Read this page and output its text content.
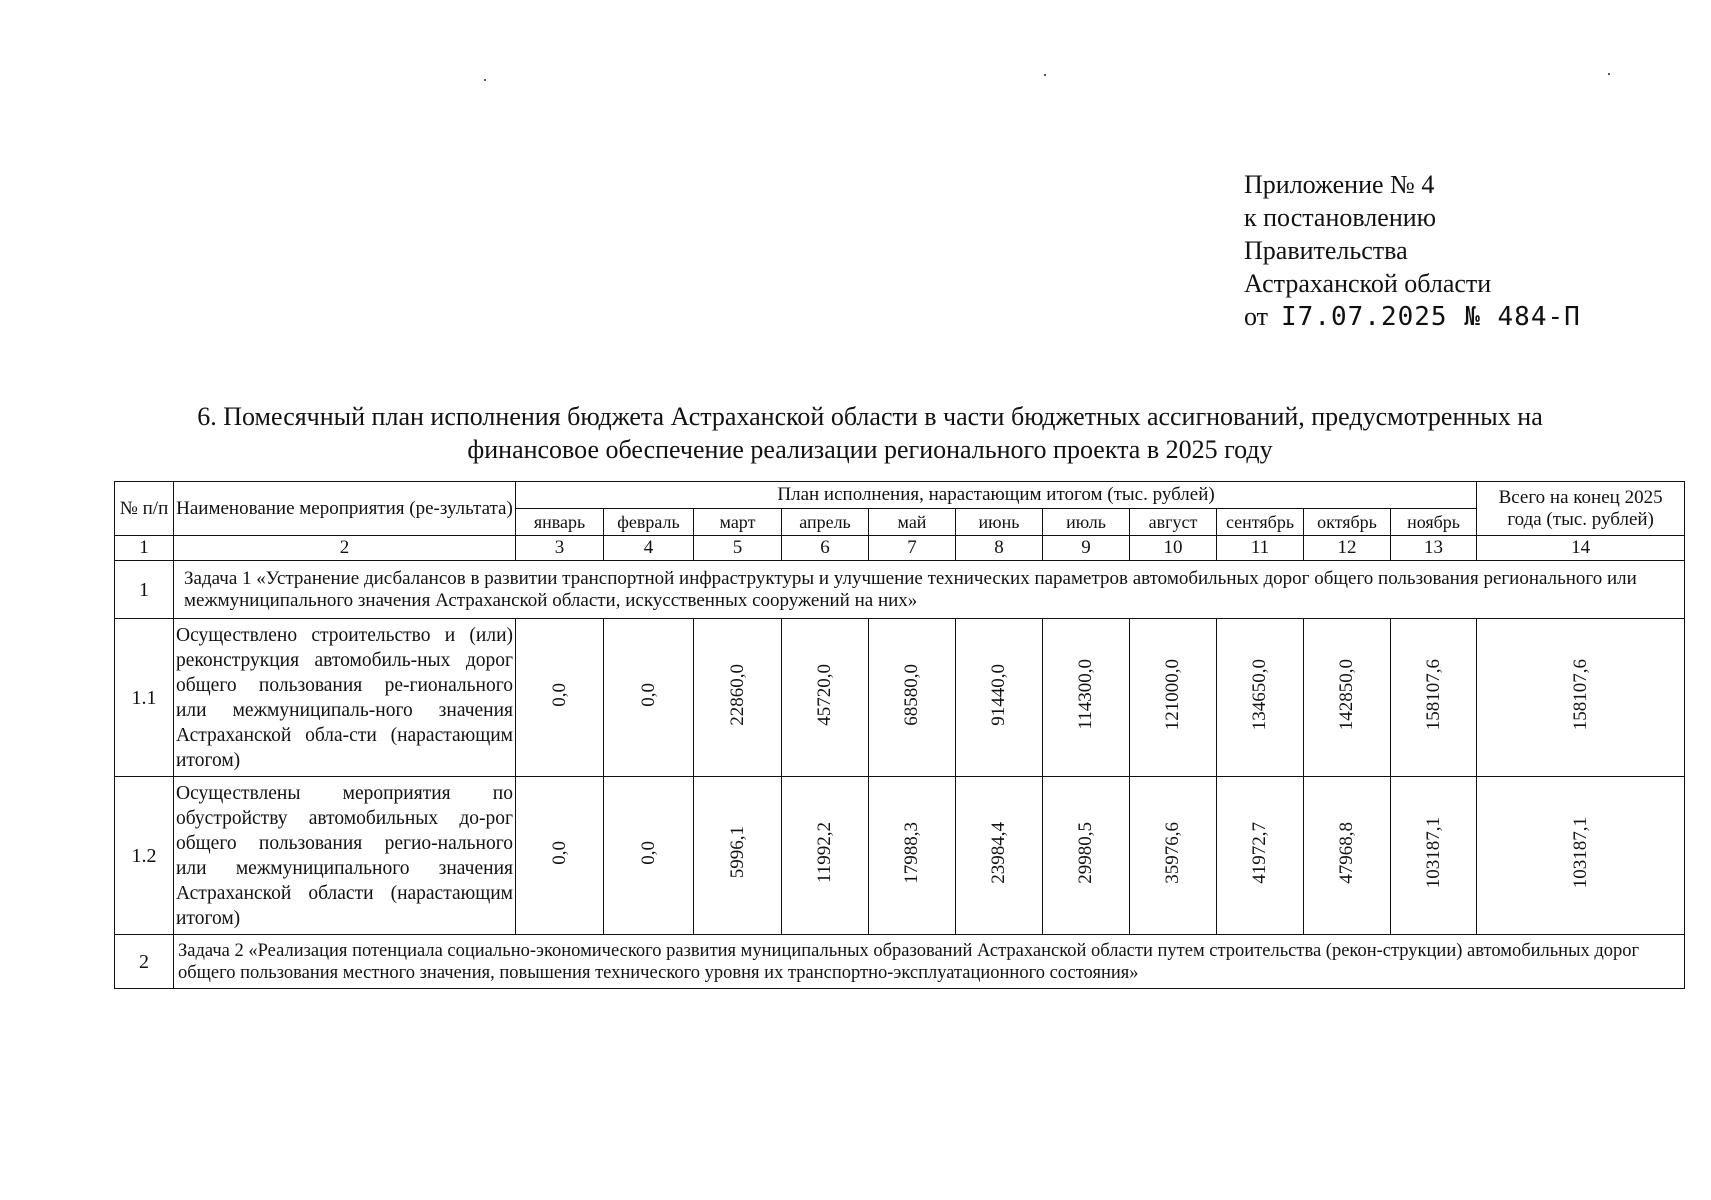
Приложение № 4
к постановлению
Правительства
Астраханской области
от I7.07.2025 № 484-П
6. Помесячный план исполнения бюджета Астраханской области в части бюджетных ассигнований, предусмотренных на
финансовое обеспечение реализации регионального проекта в 2025 году
№ п/п	Наименование мероприятия (ре-зультата)	План исполнения, нарастающим итогом (тыс. рублей)											Всего на конец 2025 года (тыс. рублей)
		январь	февраль	март	апрель	май	июнь	июль	август	сентябрь	октябрь	ноябрь	
1	2	3	4	5	6	7	8	9	10	11	12	13	14
1	Задача 1 «Устранение дисбалансов в развитии транспортной инфраструктуры и улучшение технических параметров автомобильных дорог общего пользования регионального или межмуниципального значения Астраханской области, искусственных сооружений на них»												
1.1	Осуществлено строительство и (или) реконструкция автомобиль-ных дорог общего пользования ре-гионального или межмуниципаль-ного значения Астраханской обла-сти (нарастающим итогом)	0,0	0,0	22860,0	45720,0	68580,0	91440,0	114300,0	121000,0	134650,0	142850,0	158107,6	158107,6
1.2	Осуществлены мероприятия по обустройству автомобильных до-рог общего пользования регио-нального или межмуниципального значения Астраханской области (нарастающим итогом)	0,0	0,0	5996,1	11992,2	17988,3	23984,4	29980,5	35976,6	41972,7	47968,8	103187,1	103187,1
2	Задача 2 «Реализация потенциала социально-экономического развития муниципальных образований Астраханской области путем строительства (рекон-струкции) автомобильных дорог общего пользования местного значения, повышения технического уровня их транспортно-эксплуатационного состояния»												
